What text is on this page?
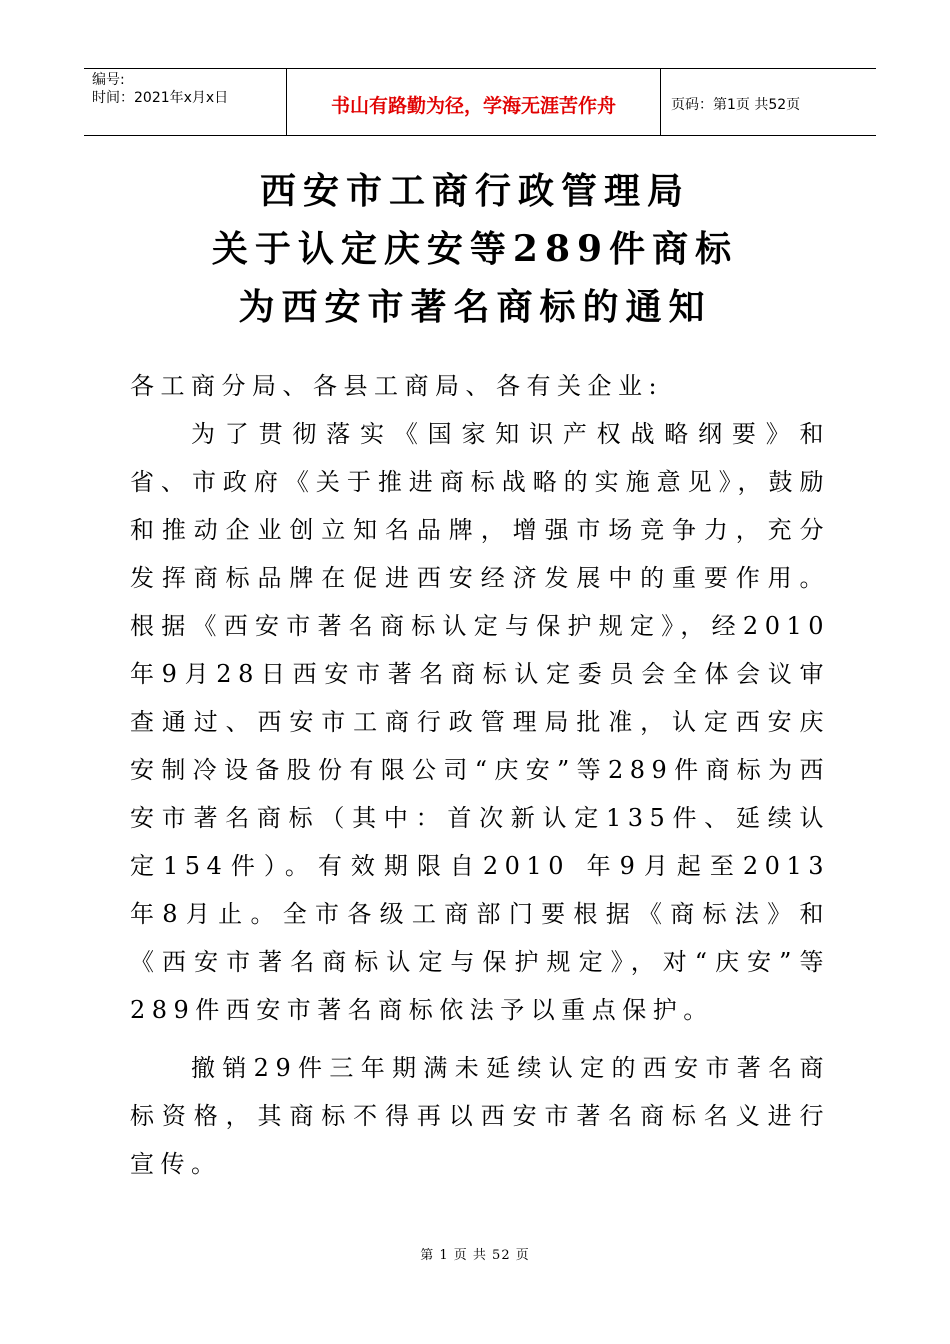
编号:
时间：2021年x月x日	书山有路勤为径，学海无涯苦作舟	页码：第1页 共52页
西安市工商行政管理局
关于认定庆安等289件商标
为西安市著名商标的通知

各工商分局、各县工商局、各有关企业:

为了贯彻落实《国家知识产权战略纲要》和省、市政府《关于推进商标战略的实施意见》，鼓励和推动企业创立知名品牌，增强市场竞争力，充分发挥商标品牌在促进西安经济发展中的重要作用。根据《西安市著名商标认定与保护规定》，经2010 年9月28日西安市著名商标认定委员会全体会议审查通过、西安市工商行政管理局批准，认定西安庆安制冷设备股份有限公司“庆安”等289件商标为西安市著名商标（其中：首次新认定135件、延续认定154件）。有效期限自2010 年9月起至2013 年8月止。全市各级工商部门要根据《商标法》和《西安市著名商标认定与保护规定》，对“庆安”等289件西安市著名商标依法予以重点保护。

撤销29件三年期满未延续认定的西安市著名商标资格，其商标不得再以西安市著名商标名义进行宣传。

第 1 页 共 52 页
